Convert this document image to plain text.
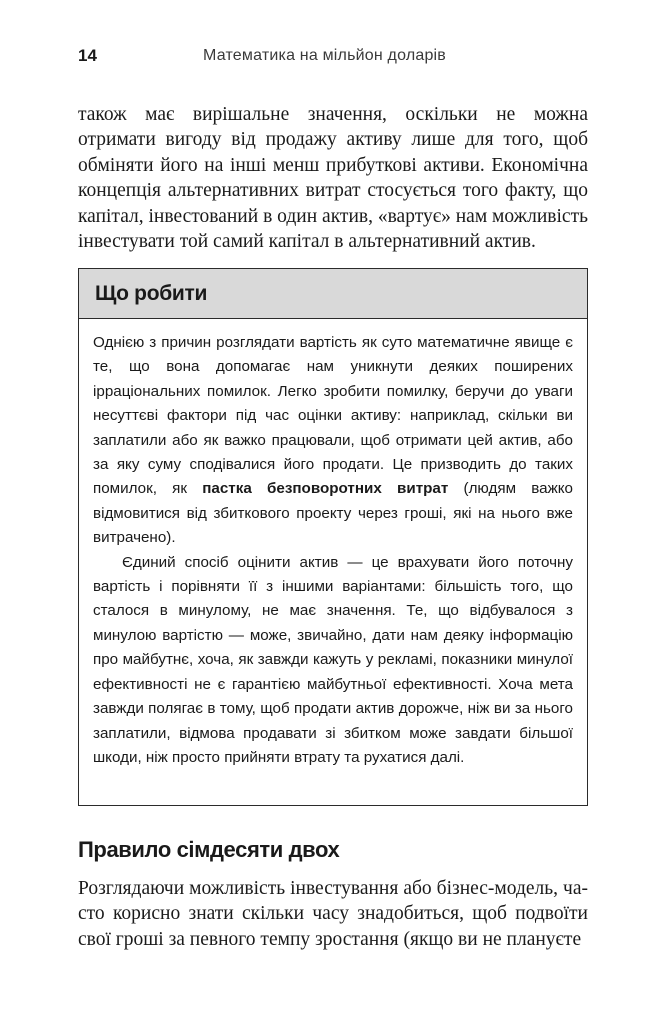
14	Математика на мільйон доларів

також має вирішальне значення, оскільки не можна отримати вигоду від продажу активу лише для того, щоб обміняти його на інші менш прибуткові активи. Економічна концепція альтернативних витрат стосується того факту, що капітал, інвестований в один актив, «вартує» нам можливість інвестувати той самий капітал в альтернативний актив.

Що робити

Однією з причин розглядати вартість як суто математичне явище є те, що вона допомагає нам уникнути деяких поширених ірраціональних помилок. Легко зробити помилку, беручи до уваги несуттєві фактори під час оцінки активу: наприклад, скільки ви заплатили або як важко працювали, щоб отримати цей актив, або за яку суму сподівалися його продати. Це призводить до таких помилок, як пастка безповоротних витрат (людям важко відмовитися від збиткового проекту через гроші, які на нього вже витрачено).

Єдиний спосіб оцінити актив — це врахувати його поточну вартість і порівняти її з іншими варіантами: більшість того, що сталося в минулому, не має значення. Те, що відбувалося з минулою вартістю — може, звичайно, дати нам деяку інформацію про майбутнє, хоча, як завжди кажуть у рекламі, показники минулої ефективності не є гарантією майбутньої ефективності. Хоча мета завжди полягає в тому, щоб продати актив дорожче, ніж ви за нього заплатили, відмова продавати зі збитком може завдати більшої шкоди, ніж просто прийняти втрату та рухатися далі.

Правило сімдесяти двох

Розглядаючи можливість інвестування або бізнес-модель, часто корисно знати скільки часу знадобиться, щоб подвоїти свої гроші за певного темпу зростання (якщо ви не плануєте
